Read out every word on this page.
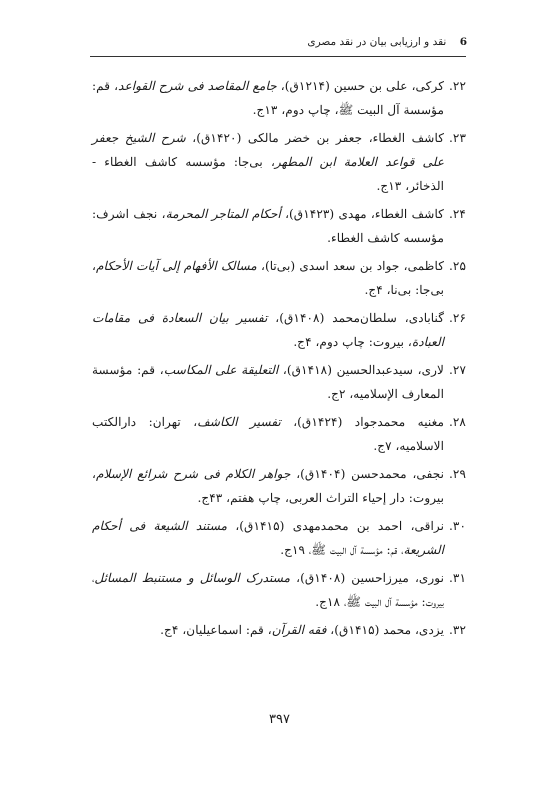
6 نقد و ارزیابی بیان در نقد مصری

۲۲.کرکی، علی بن حسین (۱۲۱۴ق)، جامع المقاصد فی شرح القواعد، قم: مؤسسة آل البیت ﷺ، چاپ دوم، ۱۳ج.

۲۳.کاشف الغطاء، جعفر بن خضر مالکی (۱۴۲۰ق)، شرح الشیخ جعفر علی قواعد العلامة ابن المطهر، بی‌جا: مؤسسه کاشف الغطاء - الذخائر، ۱۳ج.

۲۴.کاشف الغطاء، مهدی (۱۴۲۳ق)، أحکام المتاجر المحرمة، نجف اشرف: مؤسسه کاشف الغطاء.

۲۵.کاظمی، جواد بن سعد اسدی (بی‌تا)، مسالک الأفهام إلى آیات الأحکام، بی‌جا: بی‌نا، ۴ج.

۲۶.گنابادی، سلطان‌محمد (۱۴۰۸ق)، تفسیر بیان السعادة فی مقامات العبادة، بیروت: چاپ دوم، ۴ج.

۲۷.لاری، سیدعبدالحسین (۱۴۱۸ق)، التعلیقة علی المکاسب، قم: مؤسسة المعارف الإسلامیه، ۲ج.

۲۸.مغنیه محمدجواد (۱۴۲۴ق)، تفسیر الکاشف، تهران: دارالکتب الاسلامیه، ۷ج.

۲۹.نجفی، محمدحسن (۱۴۰۴ق)، جواهر الکلام فی شرح شرائع الإسلام، بیروت: دار إحیاء التراث العربی، چاپ هفتم، ۴۳ج.

۳۰.نراقی، احمد بن محمدمهدی (۱۴۱۵ق)، مستند الشیعة فی أحکام الشریعة، قم: مؤسسة آل البیت ﷺ، ۱۹ج.

۳۱.نوری، میرزاحسین (۱۴۰۸ق)، مستدرک الوسائل و مستنبط المسائل، بیروت: مؤسسة آل البیت ﷺ، ۱۸ج.

۳۲.یزدی، محمد (۱۴۱۵ق)، فقه القرآن، قم: اسماعیلیان، ۴ج.

۳۹۷
